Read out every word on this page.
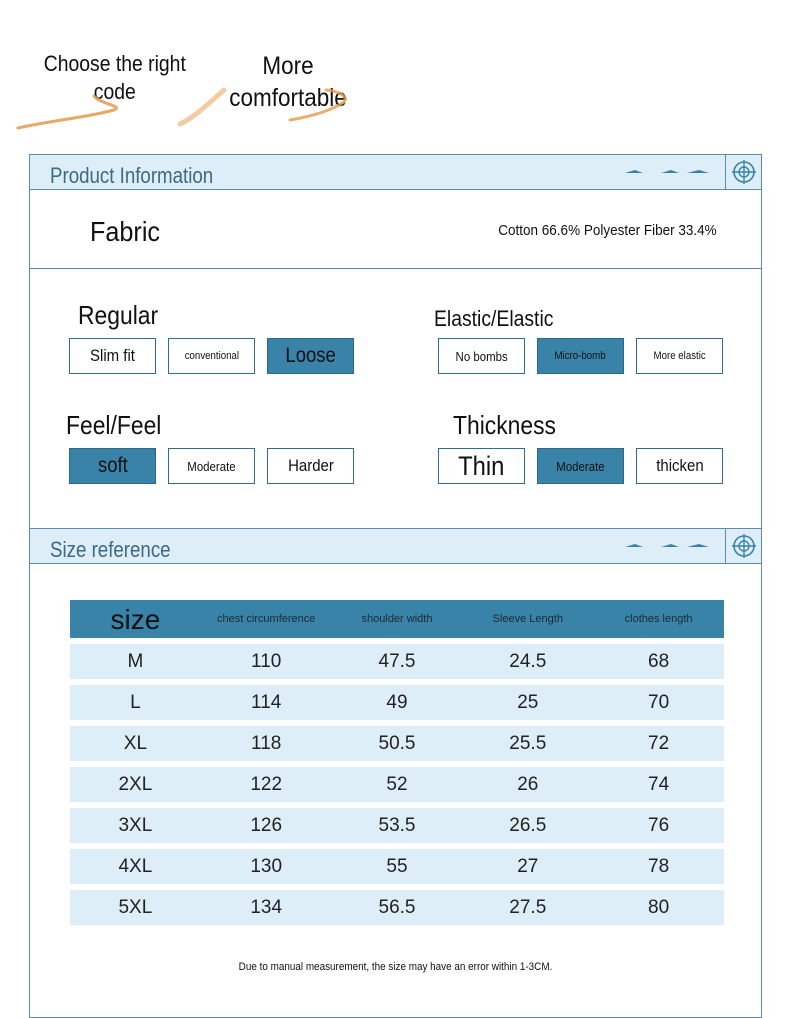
Choose the right code
More comfortable
Product Information
Fabric	Cotton 66.6% Polyester Fiber 33.4%
Regular
Slim fit	conventional Loose
Elastic/Elastic
No bombs	Micro-bomb	More elastic
Feel/Feel
soft	Moderate	Harder
Thickness
Thin	Moderate	thicken
Size reference
size	chest circumference	shoulder width	Sleeve Length	clothes length
M	110	47.5	24.5	68
L	114	49	25	70
XL	118	50.5	25.5	72
2XL	122	52	26	74
3XL	126	53.5	26.5	76
4XL	130	55	27	78
5XL	134	56.5	27.5	80
Due to manual measurement, the size may have an error within 1-3CM.
